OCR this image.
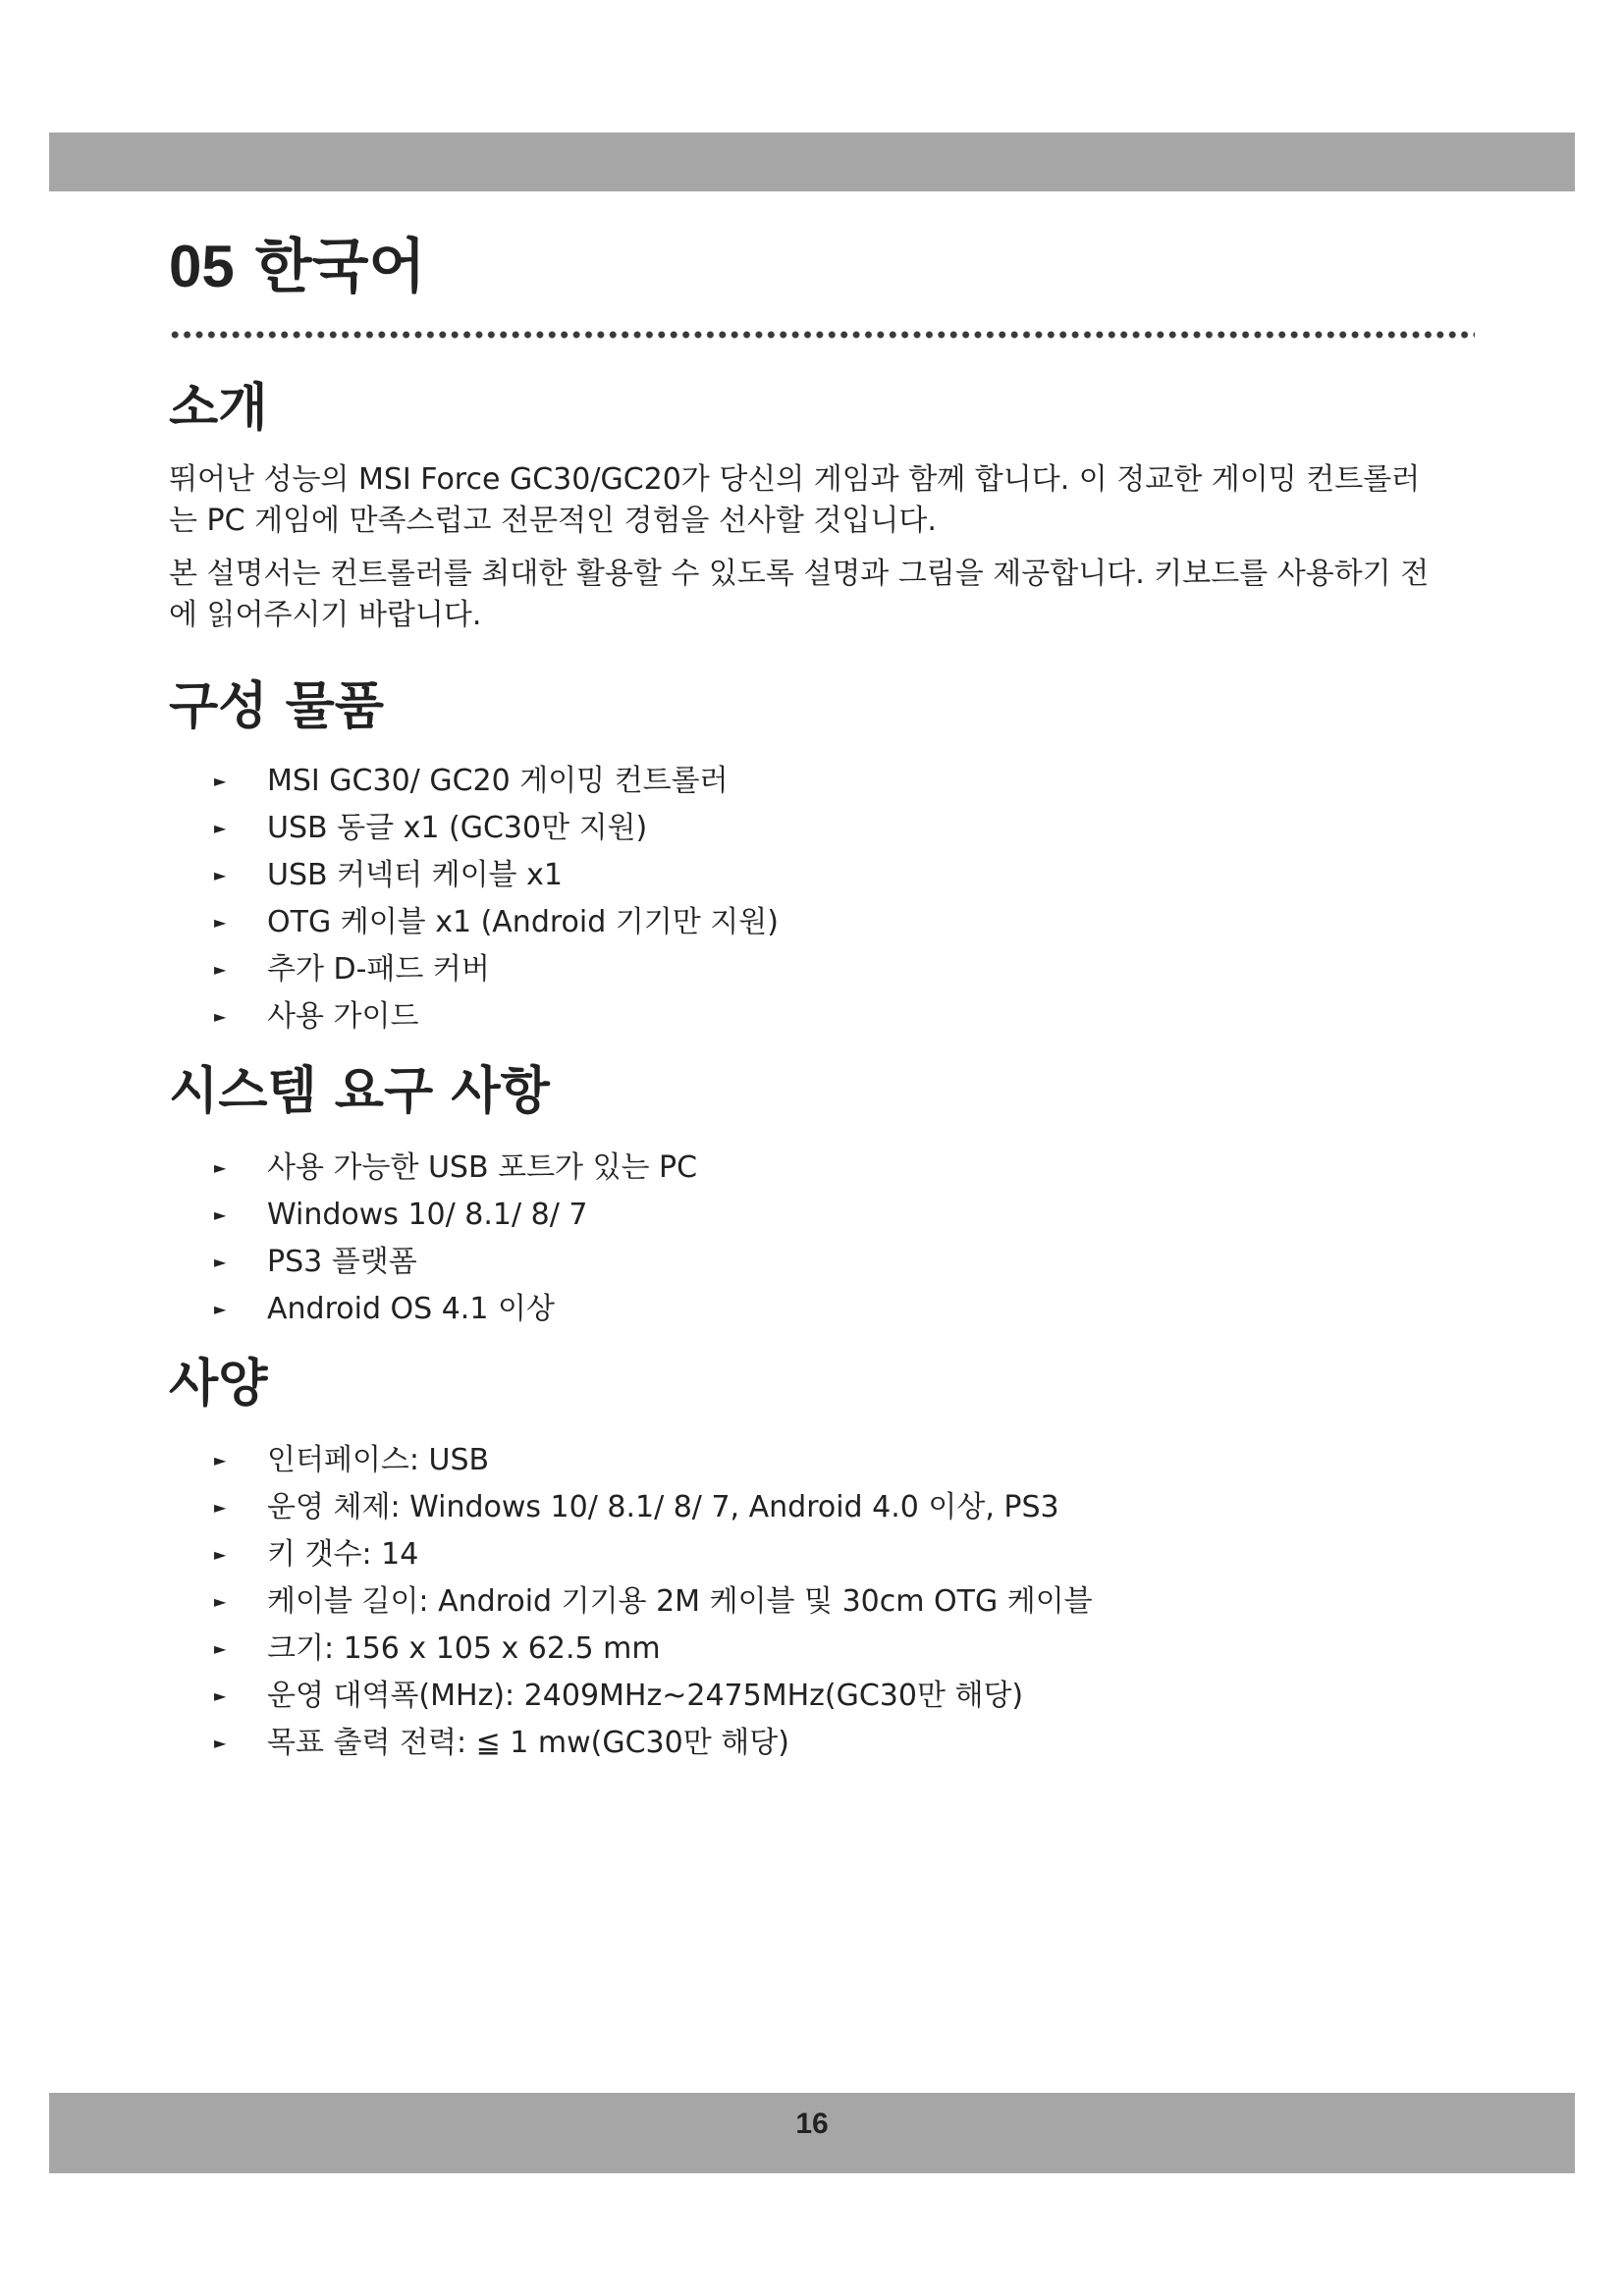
05 한국어
소개

뛰어난 성능의 MSI Force GC30/GC20가 당신의 게임과 함께 합니다. 이 정교한 게이밍 컨트롤러는 PC 게임에 만족스럽고 전문적인 경험을 선사할 것입니다.

본 설명서는 컨트롤러를 최대한 활용할 수 있도록 설명과 그림을 제공합니다. 키보드를 사용하기 전에 읽어주시기 바랍니다.

구성 물품
► MSI GC30/ GC20 게이밍 컨트롤러
► USB 동글 x1 (GC30만 지원)
► USB 커넥터 케이블 x1
► OTG 케이블 x1 (Android 기기만 지원)
► 추가 D-패드 커버
► 사용 가이드
시스템 요구 사항
► 사용 가능한 USB 포트가 있는 PC
► Windows 10/ 8.1/ 8/ 7
► PS3 플랫폼
► Android OS 4.1 이상
사양
► 인터페이스: USB
► 운영 체제: Windows 10/ 8.1/ 8/ 7, Android 4.0 이상, PS3
► 키 갯수: 14
► 케이블 길이: Android 기기용 2M 케이블 및 30cm OTG 케이블
► 크기: 156 x 105 x 62.5 mm
► 운영 대역폭(MHz): 2409MHz~2475MHz(GC30만 해당)
► 목표 출력 전력: ≦ 1 mw(GC30만 해당)
16
